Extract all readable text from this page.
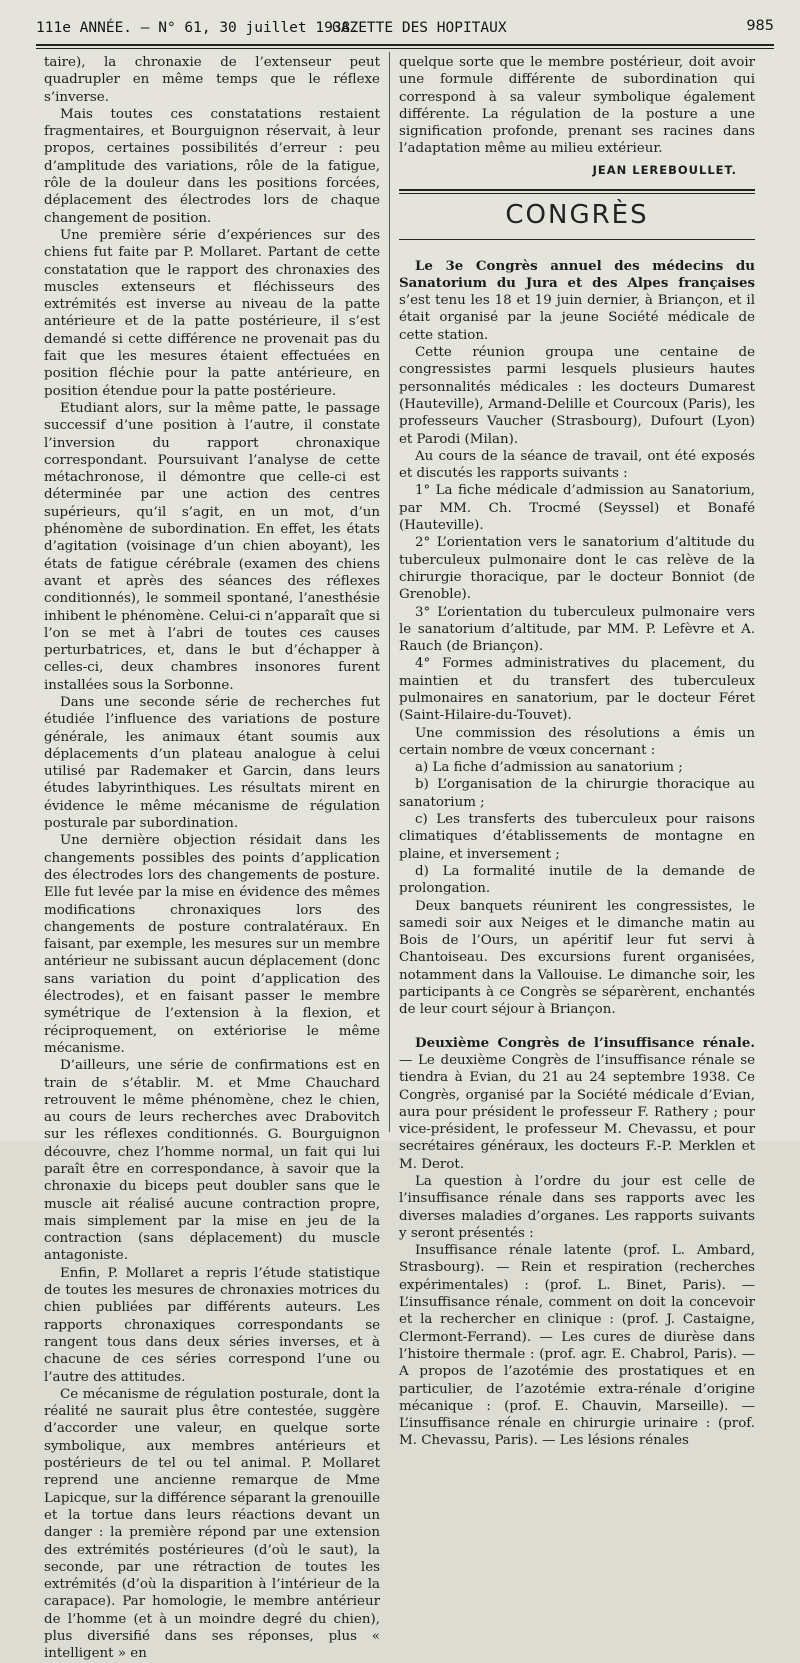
111e ANNÉE. — N° 61, 30 juillet 1938.
GAZETTE DES HOPITAUX	985

taire), la chronaxie de l’extenseur peut quadrupler en même temps que le réflexe s’inverse.

Mais toutes ces constatations restaient fragmentaires, et Bourguignon réservait, à leur propos, certaines possibilités d’erreur : peu d’amplitude des variations, rôle de la fatigue, rôle de la douleur dans les positions forcées, déplacement des électrodes lors de chaque changement de position.

Une première série d’expériences sur des chiens fut faite par P. Mollaret. Partant de cette constatation que le rapport des chronaxies des muscles extenseurs et fléchisseurs des extrémités est inverse au niveau de la patte antérieure et de la patte postérieure, il s’est demandé si cette différence ne provenait pas du fait que les mesures étaient effectuées en position fléchie pour la patte antérieure, en position étendue pour la patte postérieure.

Etudiant alors, sur la même patte, le passage successif d’une position à l’autre, il constate l’inversion du rapport chronaxique correspondant. Poursuivant l’analyse de cette métachronose, il démontre que celle-ci est déterminée par une action des centres supérieurs, qu’il s’agit, en un mot, d’un phénomène de subordination. En effet, les états d’agitation (voisinage d’un chien aboyant), les états de fatigue cérébrale (examen des chiens avant et après des séances des réflexes conditionnés), le sommeil spontané, l’anesthésie inhibent le phénomène. Celui-ci n’apparaît que si l’on se met à l’abri de toutes ces causes perturbatrices, et, dans le but d’échapper à celles-ci, deux chambres insonores furent installées sous la Sorbonne.

Dans une seconde série de recherches fut étudiée l’influence des variations de posture générale, les animaux étant soumis aux déplacements d’un plateau analogue à celui utilisé par Rademaker et Garcin, dans leurs études labyrinthiques. Les résultats mirent en évidence le même mécanisme de régulation posturale par subordination.

Une dernière objection résidait dans les changements possibles des points d’application des électrodes lors des changements de posture. Elle fut levée par la mise en évidence des mêmes modifications chronaxiques lors des changements de posture contralatéraux. En faisant, par exemple, les mesures sur un membre antérieur ne subissant aucun déplacement (donc sans variation du point d’application des électrodes), et en faisant passer le membre symétrique de l’extension à la flexion, et réciproquement, on extériorise le même mécanisme.

D’ailleurs, une série de confirmations est en train de s’établir. M. et Mme Chauchard retrouvent le même phénomène, chez le chien, au cours de leurs recherches avec Drabovitch sur les réflexes conditionnés. G. Bourguignon découvre, chez l’homme normal, un fait qui lui paraît être en correspondance, à savoir que la chronaxie du biceps peut doubler sans que le muscle ait réalisé aucune contraction propre, mais simplement par la mise en jeu de la contraction (sans déplacement) du muscle antagoniste.

Enfin, P. Mollaret a repris l’étude statistique de toutes les mesures de chronaxies motrices du chien publiées par différents auteurs. Les rapports chronaxiques correspondants se rangent tous dans deux séries inverses, et à chacune de ces séries correspond l’une ou l’autre des attitudes.

Ce mécanisme de régulation posturale, dont la réalité ne saurait plus être contestée, suggère d’accorder une valeur, en quelque sorte symbolique, aux membres antérieurs et postérieurs de tel ou tel animal. P. Mollaret reprend une ancienne remarque de Mme Lapicque, sur la différence séparant la grenouille et la tortue dans leurs réactions devant un danger : la première répond par une extension des extrémités postérieures (d’où le saut), la seconde, par une rétraction de toutes les extrémités (d’où la disparition à l’intérieur de la carapace). Par homologie, le membre antérieur de l’homme (et à un moindre degré du chien), plus diversifié dans ses réponses, plus « intelligent » en

quelque sorte que le membre postérieur, doit avoir une formule différente de subordination qui correspond à sa valeur symbolique également différente. La régulation de la posture a une signification profonde, prenant ses racines dans l’adaptation même au milieu extérieur.

JEAN LEREBOULLET.
CONGRÈS

Le 3e Congrès annuel des médecins du Sanatorium du Jura et des Alpes françaises s’est tenu les 18 et 19 juin dernier, à Briançon, et il était organisé par la jeune Société médicale de cette station.

Cette réunion groupa une centaine de congressistes parmi lesquels plusieurs hautes personnalités médicales : les docteurs Dumarest (Hauteville), Armand-Delille et Courcoux (Paris), les professeurs Vaucher (Strasbourg), Dufourt (Lyon) et Parodi (Milan).

Au cours de la séance de travail, ont été exposés et discutés les rapports suivants :

1° La fiche médicale d’admission au Sanatorium, par MM. Ch. Trocmé (Seyssel) et Bonafé (Hauteville).

2° L’orientation vers le sanatorium d’altitude du tuberculeux pulmonaire dont le cas relève de la chirurgie thoracique, par le docteur Bonniot (de Grenoble).

3° L’orientation du tuberculeux pulmonaire vers le sanatorium d’altitude, par MM. P. Lefèvre et A. Rauch (de Briançon).

4° Formes administratives du placement, du maintien et du transfert des tuberculeux pulmonaires en sanatorium, par le docteur Féret (Saint-Hilaire-du-Touvet).

Une commission des résolutions a émis un certain nombre de vœux concernant :

a) La fiche d’admission au sanatorium ;

b) L’organisation de la chirurgie thoracique au sanatorium ;

c) Les transferts des tuberculeux pour raisons climatiques d’établissements de montagne en plaine, et inversement ;

d) La formalité inutile de la demande de prolongation.

Deux banquets réunirent les congressistes, le samedi soir aux Neiges et le dimanche matin au Bois de l’Ours, un apéritif leur fut servi à Chantoiseau. Des excursions furent organisées, notamment dans la Vallouise. Le dimanche soir, les participants à ce Congrès se séparèrent, enchantés de leur court séjour à Briançon.

Deuxième Congrès de l’insuffisance rénale. — Le deuxième Congrès de l’insuffisance rénale se tiendra à Evian, du 21 au 24 septembre 1938. Ce Congrès, organisé par la Société médicale d’Evian, aura pour président le professeur F. Rathery ; pour vice-président, le professeur M. Chevassu, et pour secrétaires généraux, les docteurs F.-P. Merklen et M. Derot.

La question à l’ordre du jour est celle de l’insuffisance rénale dans ses rapports avec les diverses maladies d’organes. Les rapports suivants y seront présentés :

Insuffisance rénale latente (prof. L. Ambard, Strasbourg). — Rein et respiration (recherches expérimentales) : (prof. L. Binet, Paris). — L’insuffisance rénale, comment on doit la concevoir et la rechercher en clinique : (prof. J. Castaigne, Clermont-Ferrand). — Les cures de diurèse dans l’histoire thermale : (prof. agr. E. Chabrol, Paris). — A propos de l’azotémie des prostatiques et en particulier, de l’azotémie extra-rénale d’origine mécanique : (prof. E. Chauvin, Marseille). — L’insuffisance rénale en chirurgie urinaire : (prof. M. Chevassu, Paris). — Les lésions rénales
